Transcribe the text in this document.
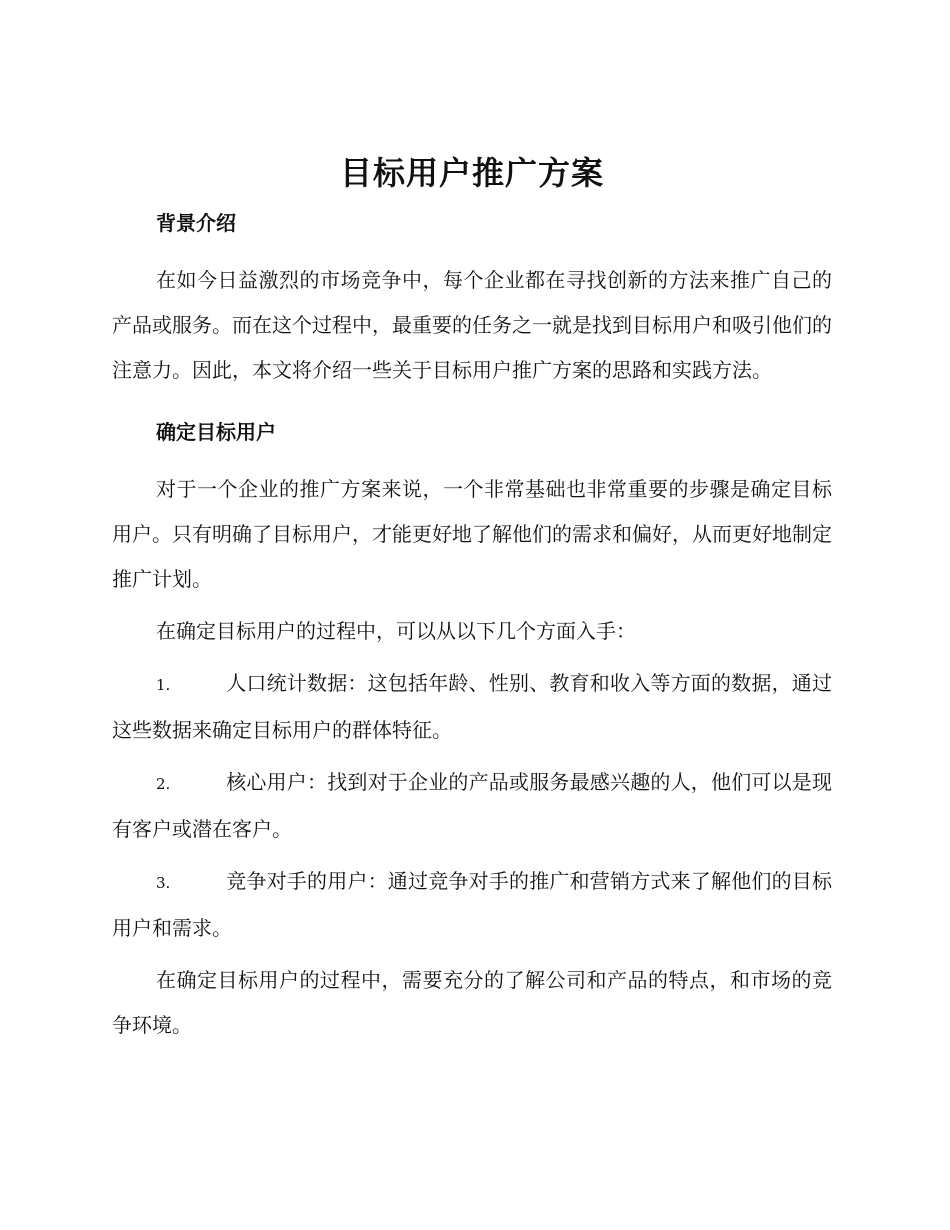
目标用户推广方案
背景介绍

在如今日益激烈的市场竞争中，每个企业都在寻找创新的方法来推广自己的产品或服务。而在这个过程中，最重要的任务之一就是找到目标用户和吸引他们的注意力。因此，本文将介绍一些关于目标用户推广方案的思路和实践方法。

确定目标用户

对于一个企业的推广方案来说，一个非常基础也非常重要的步骤是确定目标用户。只有明确了目标用户，才能更好地了解他们的需求和偏好，从而更好地制定推广计划。

在确定目标用户的过程中，可以从以下几个方面入手：

1.	人口统计数据：这包括年龄、性别、教育和收入等方面的数据，通过这些数据来确定目标用户的群体特征。

2.	核心用户：找到对于企业的产品或服务最感兴趣的人，他们可以是现有客户或潜在客户。

3.	竞争对手的用户：通过竞争对手的推广和营销方式来了解他们的目标用户和需求。

在确定目标用户的过程中，需要充分的了解公司和产品的特点，和市场的竞争环境。
